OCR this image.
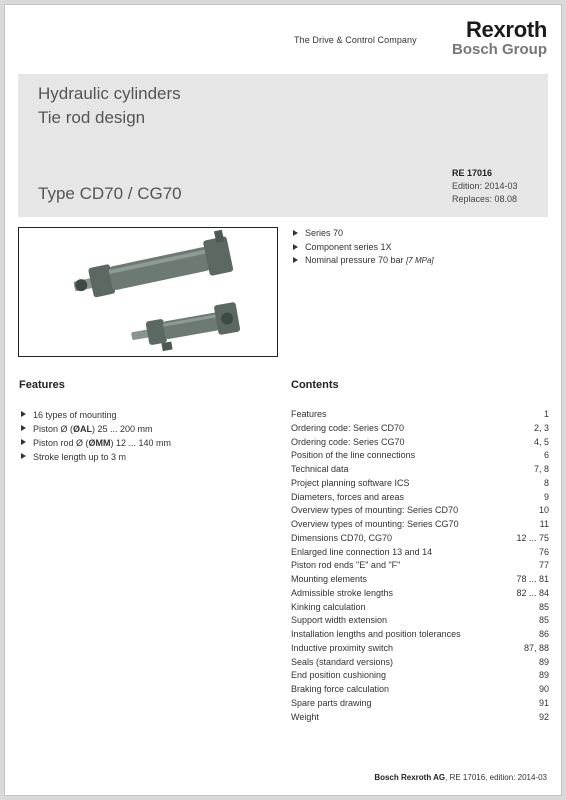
The Drive & Control Company	Rexroth
Bosch Group
Hydraulic cylinders
Tie rod design
Type CD70 / CG70
RE 17016
Edition: 2014-03
Replaces: 08.08
Series 70
Component series 1X
Nominal pressure 70 bar [7 MPa]
Features	Contents
16 types of mounting
Piston Ø (ØAL) 25 ... 200 mm
Piston rod Ø (ØMM) 12 ... 140 mm
Stroke length up to 3 m
Features	1
Ordering code: Series CD70	2, 3
Ordering code: Series CG70	4, 5
Position of the line connections	6
Technical data	7, 8
Project planning software ICS	8
Diameters, forces and areas	9
Overview types of mounting: Series CD70	10
Overview types of mounting: Series CG70	11
Dimensions CD70, CG70	12 ... 75
Enlarged line connection 13 and 14	76
Piston rod ends "E" and "F"	77
Mounting elements	78 ... 81
Admissible stroke lengths	82 ... 84
Kinking calculation	85
Support width extension	85
Installation lengths and position tolerances	86
Inductive proximity switch	87, 88
Seals (standard versions)	89
End position cushioning	89
Braking force calculation	90
Spare parts drawing	91
Weight	92
Bosch Rexroth AG, RE 17016, edition: 2014-03
